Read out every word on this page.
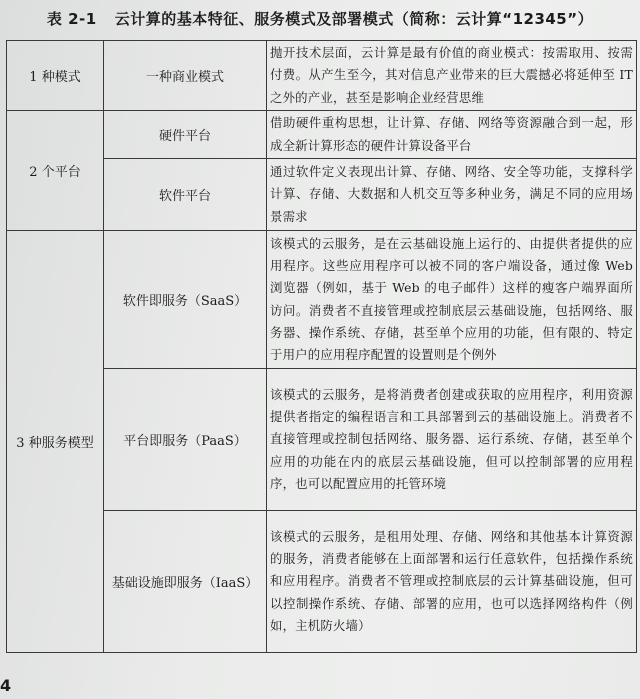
表 2-1 云计算的基本特征、服务模式及部署模式（简称：云计算“12345”）
1 种模式	一种商业模式	抛开技术层面，云计算是最有价值的商业模式：按需取用、按需付费。从产生至今，其对信息产业带来的巨大震撼必将延伸至 IT 之外的产业，甚至是影响企业经营思维
2 个平台	硬件平台	借助硬件重构思想，让计算、存储、网络等资源融合到一起，形成全新计算形态的硬件计算设备平台
	软件平台	通过软件定义表现出计算、存储、网络、安全等功能，支撑科学计算、存储、大数据和人机交互等多种业务，满足不同的应用场景需求
3 种服务模型	软件即服务（SaaS）	该模式的云服务，是在云基础设施上运行的、由提供者提供的应用程序。这些应用程序可以被不同的客户端设备，通过像 Web 浏览器（例如，基于 Web 的电子邮件）这样的瘦客户端界面所访问。消费者不直接管理或控制底层云基础设施，包括网络、服务器、操作系统、存储，甚至单个应用的功能，但有限的、特定于用户的应用程序配置的设置则是个例外
	平台即服务（PaaS）	该模式的云服务，是将消费者创建或获取的应用程序，利用资源提供者指定的编程语言和工具部署到云的基础设施上。消费者不直接管理或控制包括网络、服务器、运行系统、存储，甚至单个应用的功能在内的底层云基础设施，但可以控制部署的应用程序，也可以配置应用的托管环境
	基础设施即服务（IaaS）	该模式的云服务，是租用处理、存储、网络和其他基本计算资源的服务，消费者能够在上面部署和运行任意软件，包括操作系统和应用程序。消费者不管理或控制底层的云计算基础设施，但可以控制操作系统、存储、部署的应用，也可以选择网络构件（例如，主机防火墙）
4
